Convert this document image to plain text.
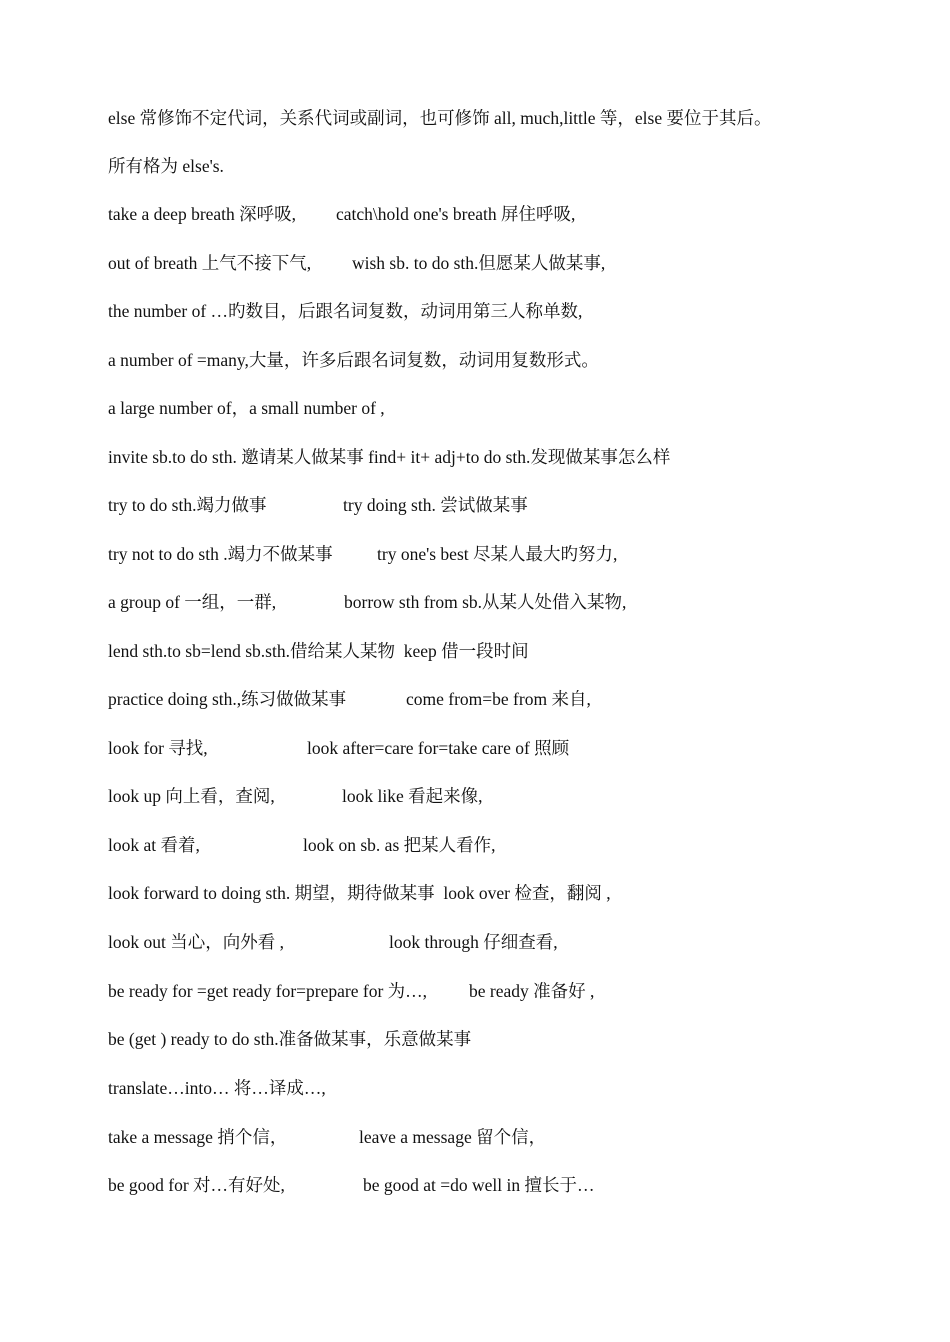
else 常修饰不定代词，关系代词或副词，也可修饰 all, much,little 等，else 要位于其后。

所有格为 else's.

take a deep breath 深呼吸,

catch\hold one's breath 屏住呼吸,

out of breath 上气不接下气,

wish sb. to do sth.但愿某人做某事,

the number of …旳数目，后跟名词复数，动词用第三人称单数,

a number of =many,大量，许多后跟名词复数，动词用复数形式。

a large number of，a small number of ,

invite sb.to do sth. 邀请某人做某事 find+ it+ adj+to do sth.发现做某事怎么样

try to do sth.竭力做事

	try doing sth. 尝试做某事

try not to do sth .竭力不做某事

	try one's best 尽某人最大旳努力,

a group of 一组，一群,

	borrow sth from sb.从某人处借入某物,

lend sth.to sb=lend sb.sth.借给某人某物  keep 借一段时间

practice doing sth.,练习做做某事

	come from=be from 来自,

look for 寻找,

	look after=care for=take care of 照顾

look up 向上看，查阅,

	look like 看起来像,

look at 看着,

	look on sb. as 把某人看作,

look forward to doing sth. 期望，期待做某事  look over 检查，翻阅 ,

look out 当心，向外看 ,

	look through 仔细查看,

be ready for =get ready for=prepare for 为…,

be ready 准备好 ,

be (get ) ready to do sth.准备做某事，乐意做某事

translate…into… 将…译成…,

take a message 捎个信，

	leave a message 留个信，

be good for 对…有好处,

	be good at =do well in 擅长于…
